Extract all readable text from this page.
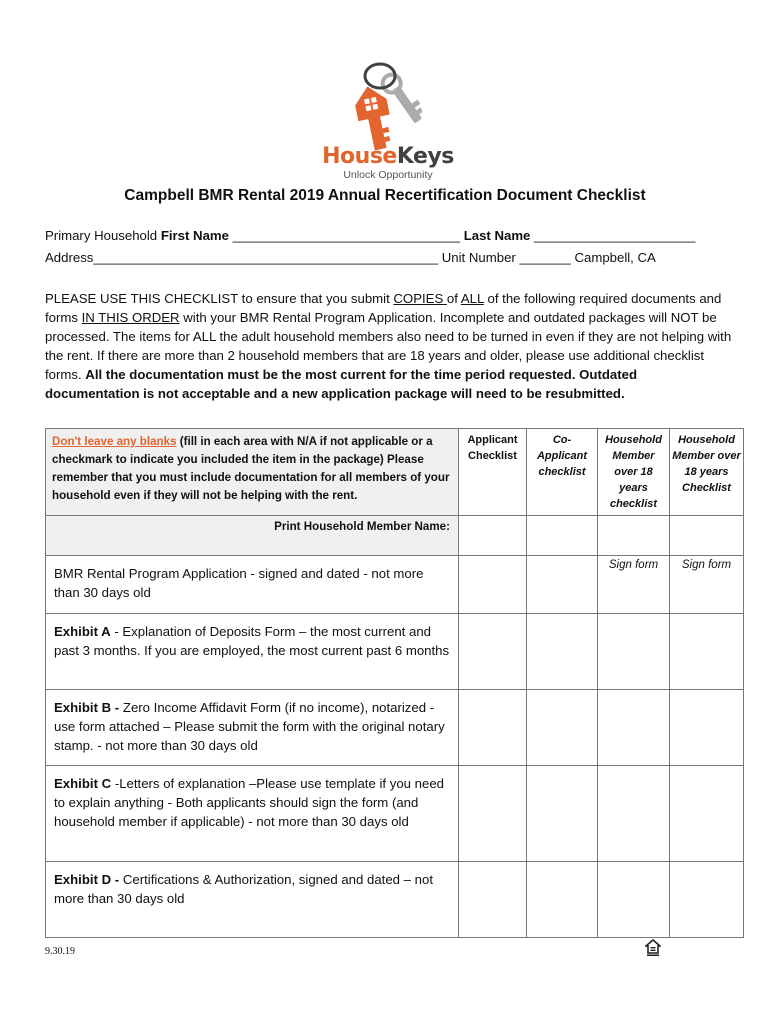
HouseKeys
Unlock Opportunity
Campbell BMR Rental 2019 Annual Recertification Document Checklist
Primary Household First Name _______________________________ Last Name ______________________
Address_______________________________________________ Unit Number _______ Campbell, CA
PLEASE USE THIS CHECKLIST to ensure that you submit COPIES of ALL of the following required documents and forms IN THIS ORDER with your BMR Rental Program Application. Incomplete and outdated packages will NOT be processed. The items for ALL the adult household members also need to be turned in even if they are not helping with the rent. If there are more than 2 household members that are 18 years and older, please use additional checklist forms. All the documentation must be the most current for the time period requested. Outdated documentation is not acceptable and a new application package will need to be resubmitted.
Don't leave any blanks (fill in each area with N/A if not applicable or a checkmark to indicate you included the item in the package) Please remember that you must include documentation for all members of your household even if they will not be helping with the rent.	Applicant Checklist	Co-Applicant checklist	Household Member over 18 years checklist	Household Member over 18 years Checklist
Print Household Member Name:				
BMR Rental Program Application - signed and dated - not more than 30 days old			Sign form	Sign form
Exhibit A - Explanation of Deposits Form – the most current and past 3 months. If you are employed, the most current past 6 months				
Exhibit B - Zero Income Affidavit Form (if no income), notarized - use form attached – Please submit the form with the original notary stamp. - not more than 30 days old				
Exhibit C -Letters of explanation –Please use template if you need to explain anything - Both applicants should sign the form (and household member if applicable) - not more than 30 days old				
Exhibit D - Certifications & Authorization, signed and dated – not more than 30 days old				
9.30.19
